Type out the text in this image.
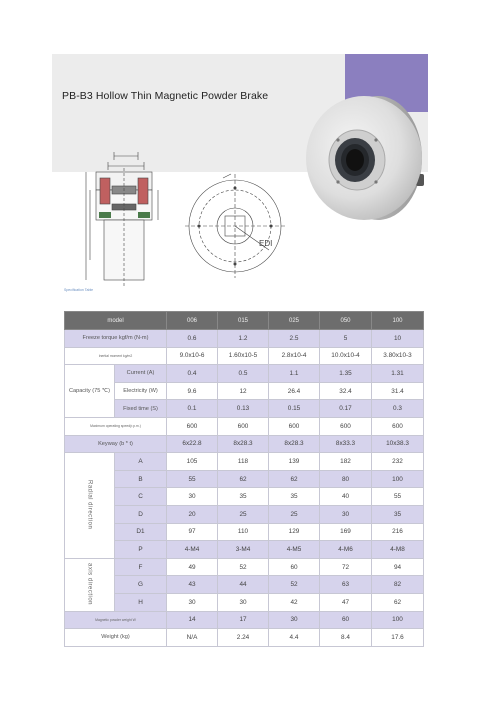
PB-B3 Hollow Thin Magnetic Powder Brake
EDI
Specification Table
model		006	015	025	050	100
Freeze torque kgf/m (N-m)		0.6	1.2	2.5	5	10
Inertial moment kg/m2		9.0x10-6	1.60x10-5	2.8x10-4	10.0x10-4	3.80x10-3
Capacity (75 ℃)	Current (A)	0.4	0.5	1.1	1.35	1.31
	Electricity (W)	9.6	12	26.4	32.4	31.4
	Fixed time (S)	0.1	0.13	0.15	0.17	0.3
Maximum operating speed(r.p.m.)		600	600	600	600	600
Keyway (b * t)		6x22.8	8x28.3	8x28.3	8x33.3	10x38.3
Radial direction	A	105	118	139	182	232
	B	55	62	62	80	100
	C	30	35	35	40	55
	D	20	25	25	30	35
	D1	97	110	129	169	216
	P	4-M4	3-M4	4-M5	4-M6	4-M8
axis direction	F	49	52	60	72	94
	G	43	44	52	63	82
	H	30	30	42	47	62
Magnetic powder weight W		14	17	30	60	100
Weight (kg)		N/A	2.24	4.4	8.4	17.6
